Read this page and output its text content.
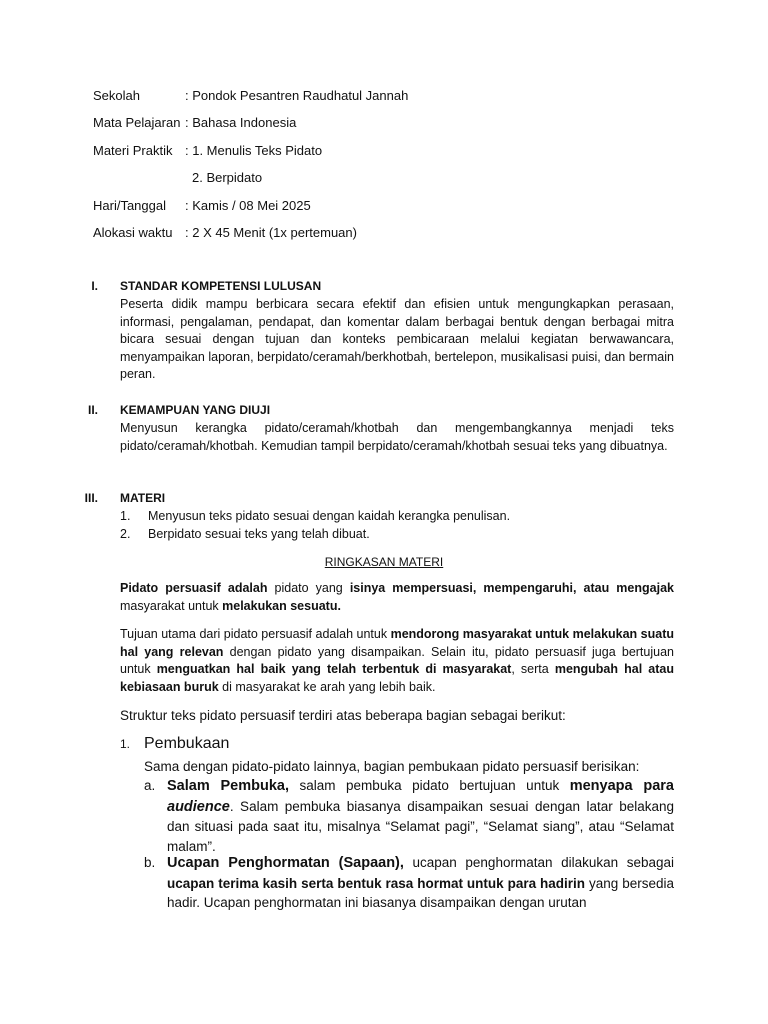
Sekolah	: Pondok Pesantren Raudhatul Jannah
Mata Pelajaran : Bahasa Indonesia
Materi Praktik : 1. Menulis Teks Pidato
2. Berpidato
Hari/Tanggal : Kamis / 08 Mei 2025
Alokasi waktu : 2 X 45 Menit (1x pertemuan)
I. STANDAR KOMPETENSI LULUSAN
Peserta didik mampu berbicara secara efektif dan efisien untuk mengungkapkan perasaan, informasi, pengalaman, pendapat, dan komentar dalam berbagai bentuk dengan berbagai mitra bicara sesuai dengan tujuan dan konteks pembicaraan melalui kegiatan berwawancara, menyampaikan laporan, berpidato/ceramah/berkhotbah, bertelepon, musikalisasi puisi, dan bermain peran.
II. KEMAMPUAN YANG DIUJI
Menyusun kerangka pidato/ceramah/khotbah dan mengembangkannya menjadi teks pidato/ceramah/khotbah. Kemudian tampil berpidato/ceramah/khotbah sesuai teks yang dibuatnya.
III. MATERI
1. Menyusun teks pidato sesuai dengan kaidah kerangka penulisan.
2. Berpidato sesuai teks yang telah dibuat.
RINGKASAN MATERI
Pidato persuasif adalah pidato yang isinya mempersuasi, mempengaruhi, atau mengajak masyarakat untuk melakukan sesuatu.
Tujuan utama dari pidato persuasif adalah untuk mendorong masyarakat untuk melakukan suatu hal yang relevan dengan pidato yang disampaikan. Selain itu, pidato persuasif juga bertujuan untuk menguatkan hal baik yang telah terbentuk di masyarakat, serta mengubah hal atau kebiasaan buruk di masyarakat ke arah yang lebih baik.
Struktur teks pidato persuasif terdiri atas beberapa bagian sebagai berikut:
1. Pembukaan
Sama dengan pidato-pidato lainnya, bagian pembukaan pidato persuasif berisikan:
a. Salam Pembuka, salam pembuka pidato bertujuan untuk menyapa para audience. Salam pembuka biasanya disampaikan sesuai dengan latar belakang dan situasi pada saat itu, misalnya “Selamat pagi”, “Selamat siang”, atau “Selamat malam”.
b. Ucapan Penghormatan (Sapaan), ucapan penghormatan dilakukan sebagai ucapan terima kasih serta bentuk rasa hormat untuk para hadirin yang bersedia hadir. Ucapan penghormatan ini biasanya disampaikan dengan urutan
